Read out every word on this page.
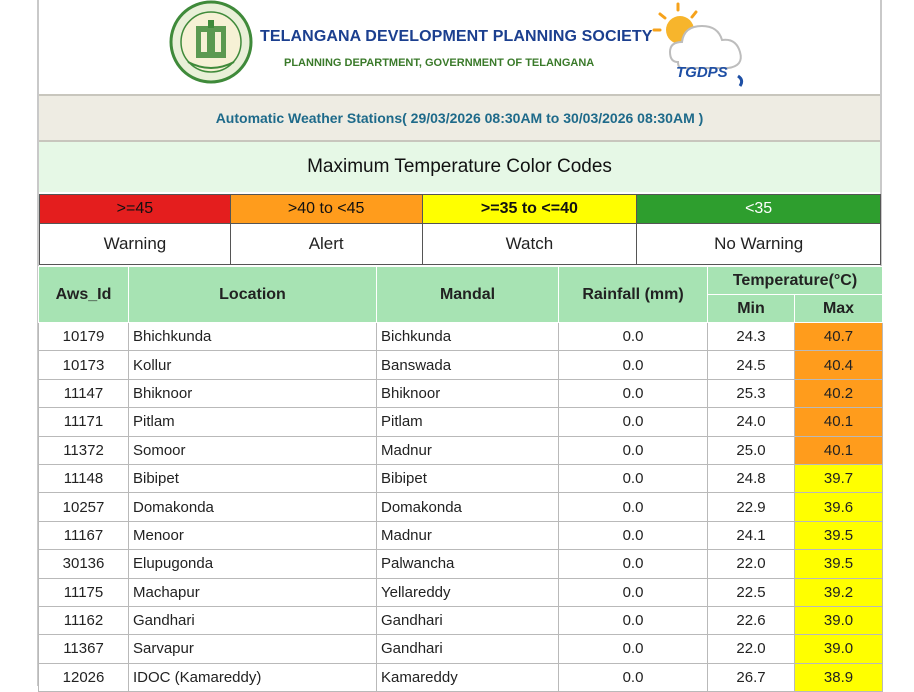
TELANGANA DEVELOPMENT PLANNING SOCIETY
PLANNING DEPARTMENT, GOVERNMENT OF TELANGANA
TGDPS
Automatic Weather Stations( 29/03/2026 08:30AM to 30/03/2026 08:30AM )
Maximum Temperature Color Codes
>=45	>40 to <45	>=35 to <=40	<35
Warning	Alert	Watch	No Warning
Aws_Id	Location	Mandal	Rainfall (mm)	Temperature(°C)	
				Min	Max
10179	Bhichkunda	Bichkunda	0.0	24.3	40.7
10173	Kollur	Banswada	0.0	24.5	40.4
11147	Bhiknoor	Bhiknoor	0.0	25.3	40.2
11171	Pitlam	Pitlam	0.0	24.0	40.1
11372	Somoor	Madnur	0.0	25.0	40.1
11148	Bibipet	Bibipet	0.0	24.8	39.7
10257	Domakonda	Domakonda	0.0	22.9	39.6
11167	Menoor	Madnur	0.0	24.1	39.5
30136	Elupugonda	Palwancha	0.0	22.0	39.5
11175	Machapur	Yellareddy	0.0	22.5	39.2
11162	Gandhari	Gandhari	0.0	22.6	39.0
11367	Sarvapur	Gandhari	0.0	22.0	39.0
12026	IDOC (Kamareddy)	Kamareddy	0.0	26.7	38.9
